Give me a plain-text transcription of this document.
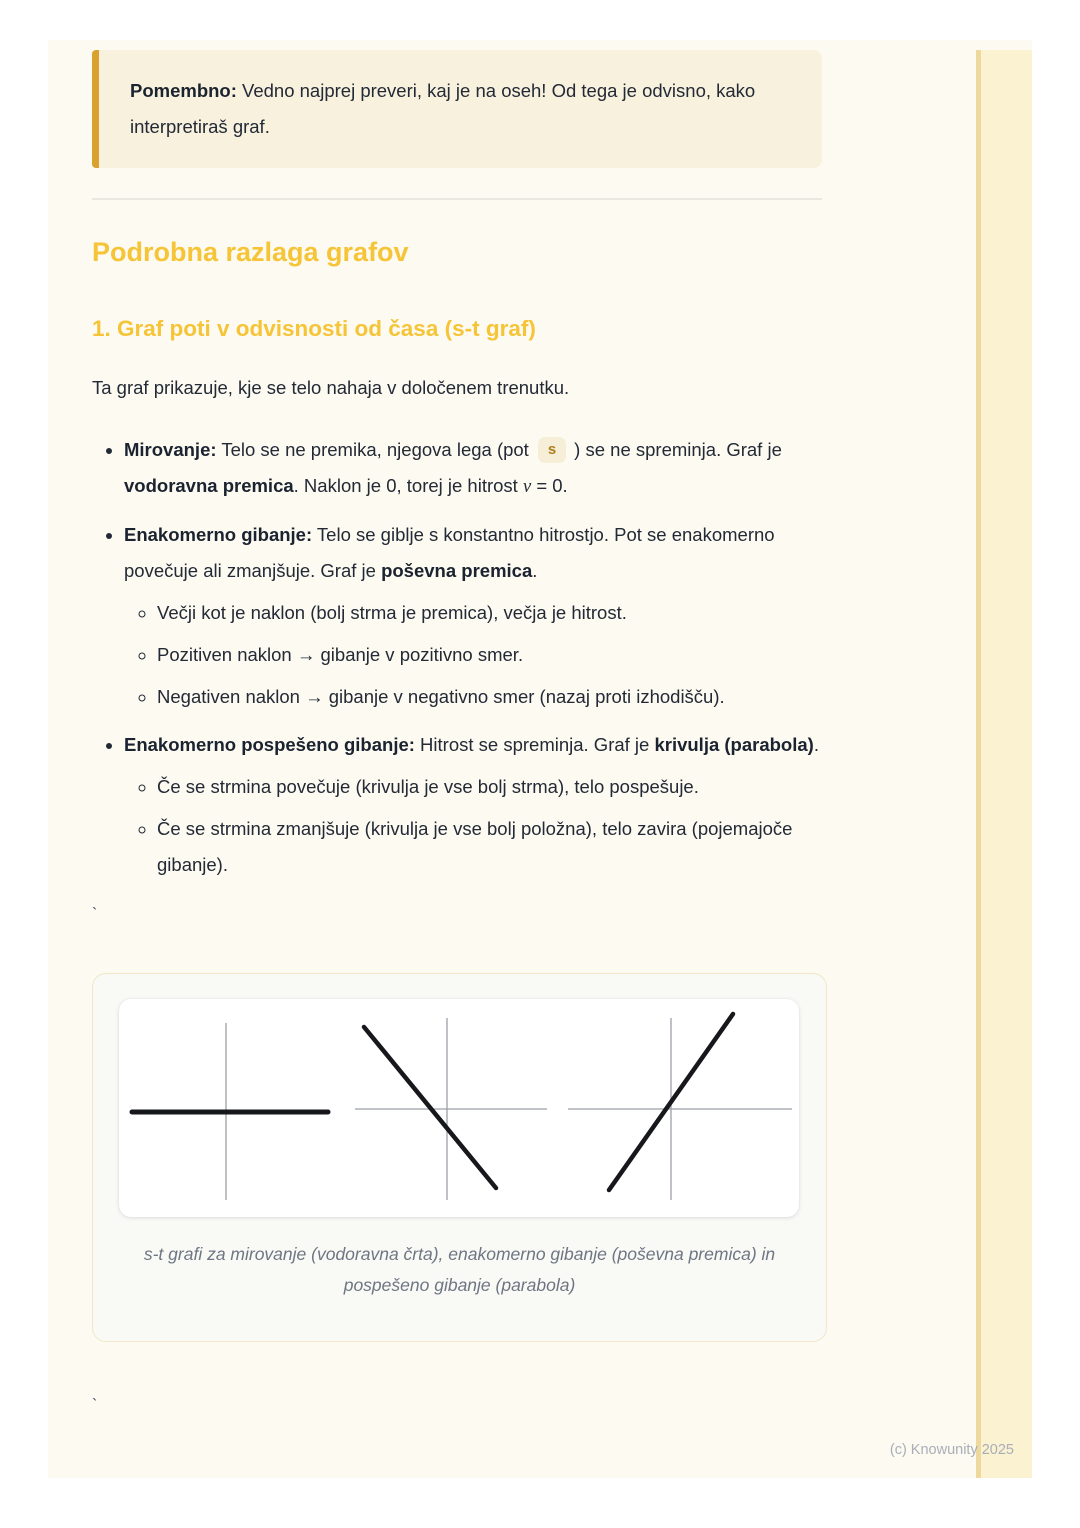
Pomembno: Vedno najprej preveri, kaj je na oseh! Od tega je odvisno, kako interpretiraš graf.
Podrobna razlaga grafov
1. Graf poti v odvisnosti od časa (s-t graf)

Ta graf prikazuje, kje se telo nahaja v določenem trenutku.

• Mirovanje: Telo se ne premika, njegova lega (pot s ) se ne spreminja. Graf je vodoravna premica. Naklon je 0, torej je hitrost v = 0.
• Enakomerno gibanje: Telo se giblje s konstantno hitrostjo. Pot se enakomerno povečuje ali zmanjšuje. Graf je poševna premica.
◦ Večji kot je naklon (bolj strma je premica), večja je hitrost.
◦ Pozitiven naklon → gibanje v pozitivno smer.
◦ Negativen naklon → gibanje v negativno smer (nazaj proti izhodišču).
• Enakomerno pospešeno gibanje: Hitrost se spreminja. Graf je krivulja (parabola).
◦ Če se strmina povečuje (krivulja je vse bolj strma), telo pospešuje.
◦ Če se strmina zmanjšuje (krivulja je vse bolj položna), telo zavira (pojemajoče gibanje).
`
s-t grafi za mirovanje (vodoravna črta), enakomerno gibanje (poševna premica) in pospešeno gibanje (parabola)
`
(c) Knowunity 2025
